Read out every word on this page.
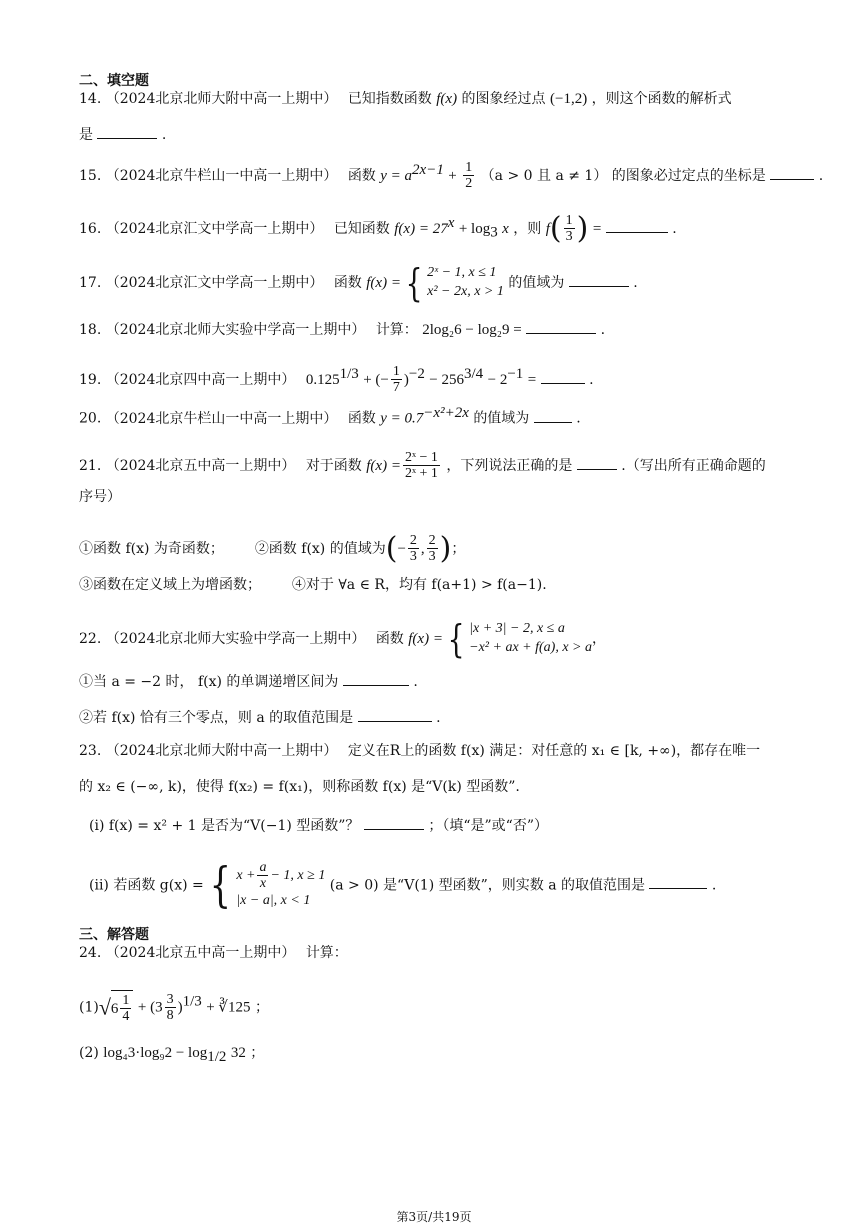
二、填空题
14. （2024北京北师大附中高一上期中） 已知指数函数 f(x) 的图象经过点 (−1,2) ，则这个函数的解析式
是	.
15. （2024北京牛栏山一中高一上期中） 函数 $y = a^{2x-1} + \frac{1}{2} (a > 0$ 且 a ≠ 1） 的图象必过定点的坐标是	.
16. （2024北京汇文中学高一上期中） 已知函数 $f(x) = 27^x + \log_3 x$ ，则 $f( \frac{1}{3}$ ) =	.
17. （2024北京汇文中学高一上期中） 函数 f(x) = { 2ˣ − 1, x ≤ 1
x² − 2x, x > 1
的值域为	.
18. （2024北京北师大实验中学高一上期中） 计算： 2log₂6 − log₂9 =	.
19. （2024北京四中高一上期中） $0.125^{1/3}$ + (− $\frac{1}{7} )^{-2} - 256^{3/4} - 2^{-1}$ =	.
20. （2024北京牛栏山一中高一上期中） 函数 $y = 0.7^{-x^2+2x}$ 的值域为	.
21. （2024北京五中高一上期中） 对于函数 $f(x) = \frac{\text{2ˣ − 1}}{\text{2ˣ + 1}}$ ，下列说法正确的是	.（写出所有正确命题的
序号）
①函数 f(x) 为奇函数； ②函数 f(x) 的值域为(− $\frac{2}{3}$ , $\frac{2}{3}$ )；
③函数在定义域上为增函数； ④对于 ∀a ∈ R，均有 f(a+1) > f(a−1).
22. （2024北京北师大实验中学高一上期中） 函数 f(x) = { |x + 3| − 2, x ≤ a
−x² + ax + f(a), x > a
，
①当 a = −2 时， f(x) 的单调递增区间为	.
②若 f(x) 恰有三个零点，则 a 的取值范围是	.
23. （2024北京北师大附中高一上期中） 定义在R上的函数 f(x) 满足：对任意的 x₁ ∈ [k, +∞)，都存在唯一
的 x₂ ∈ (−∞, k)，使得 f(x₂) = f(x₁)，则称函数 f(x) 是“V(k) 型函数”.
(i) f(x) = x² + 1 是否为“V(−1) 型函数”？	；（填“是”或“否”）
(ii) 若函数 g(x) = { $x + \frac{a}{x} - 1$, x ≥ 1
|x − a|, x < 1
(a > 0) 是“V(1) 型函数”，则实数 a 的取值范围是	.
三、解答题
24. （2024北京五中高一上期中） 计算：
$(1)√6 \frac{1}{4} + (3 \frac{3}{8} )^{1/3}$ + ∛125 ；
(2) $\log_43\cdot\log_92 - \log_{1/2} 32$ ；
第3页/共19页
